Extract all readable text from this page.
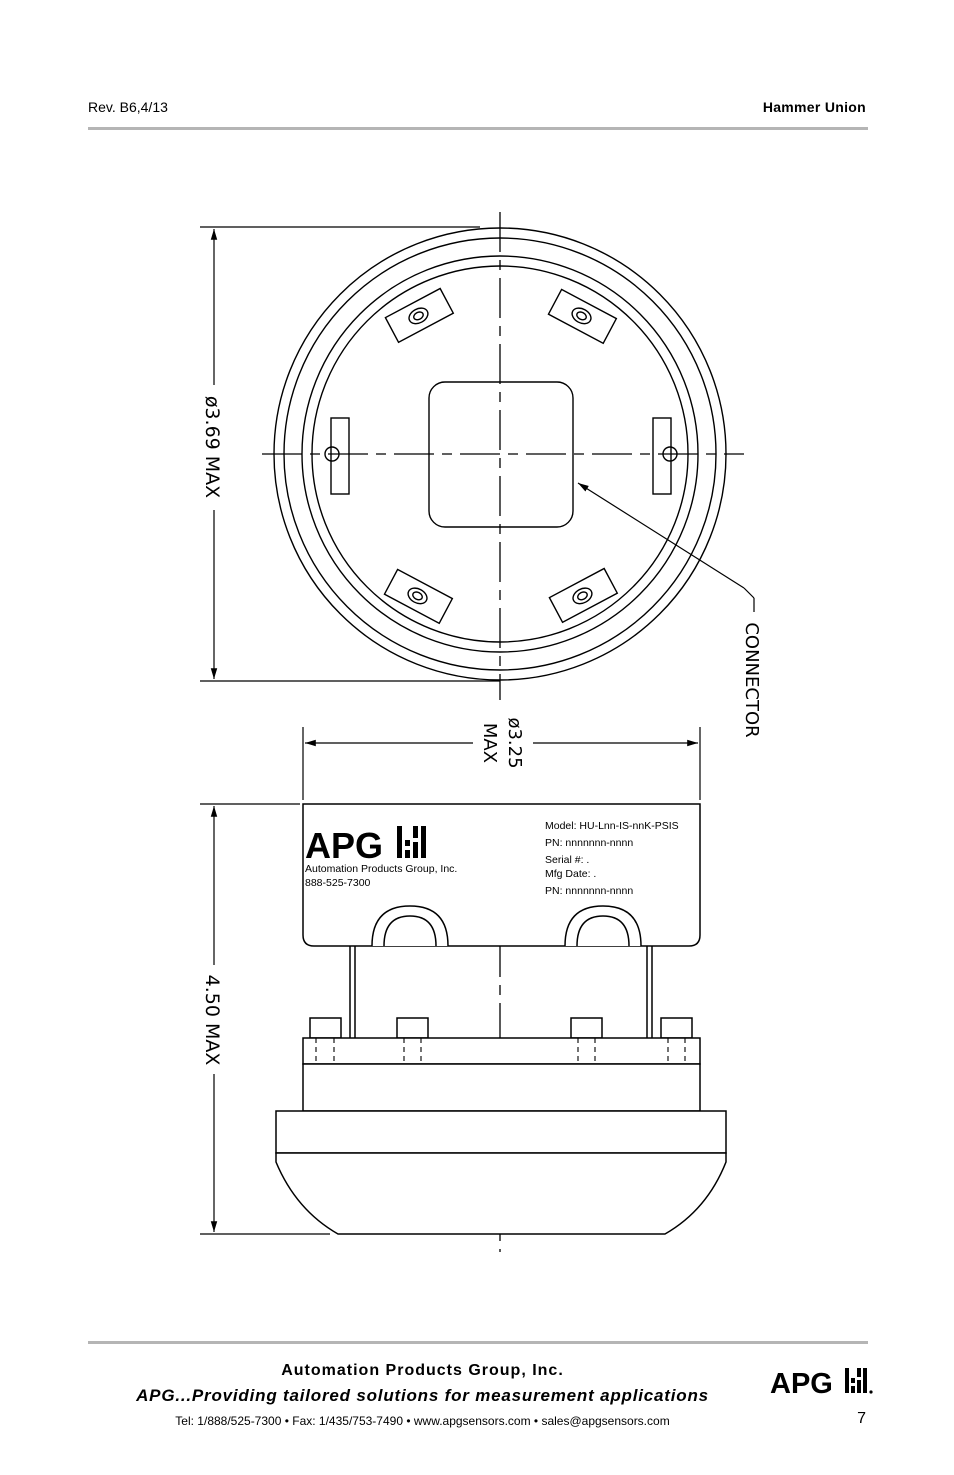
Rev. B6,4/13	Hammer Union
ø3.69 MAX
CONNECTOR
ø3.25
MAX
4.50 MAX
APG
Automation Products Group, Inc.
888-525-7300
Model: HU-Lnn-IS-nnK-PSIS
PN: nnnnnnn-nnnn
Serial #: .
Mfg Date: .
PN: nnnnnnn-nnnn
Automation Products Group, Inc.
APG...Providing tailored solutions for measurement applications
Tel: 1/888/525-7300 • Fax: 1/435/753-7490 • www.apgsensors.com • sales@apgsensors.com	7
APG
